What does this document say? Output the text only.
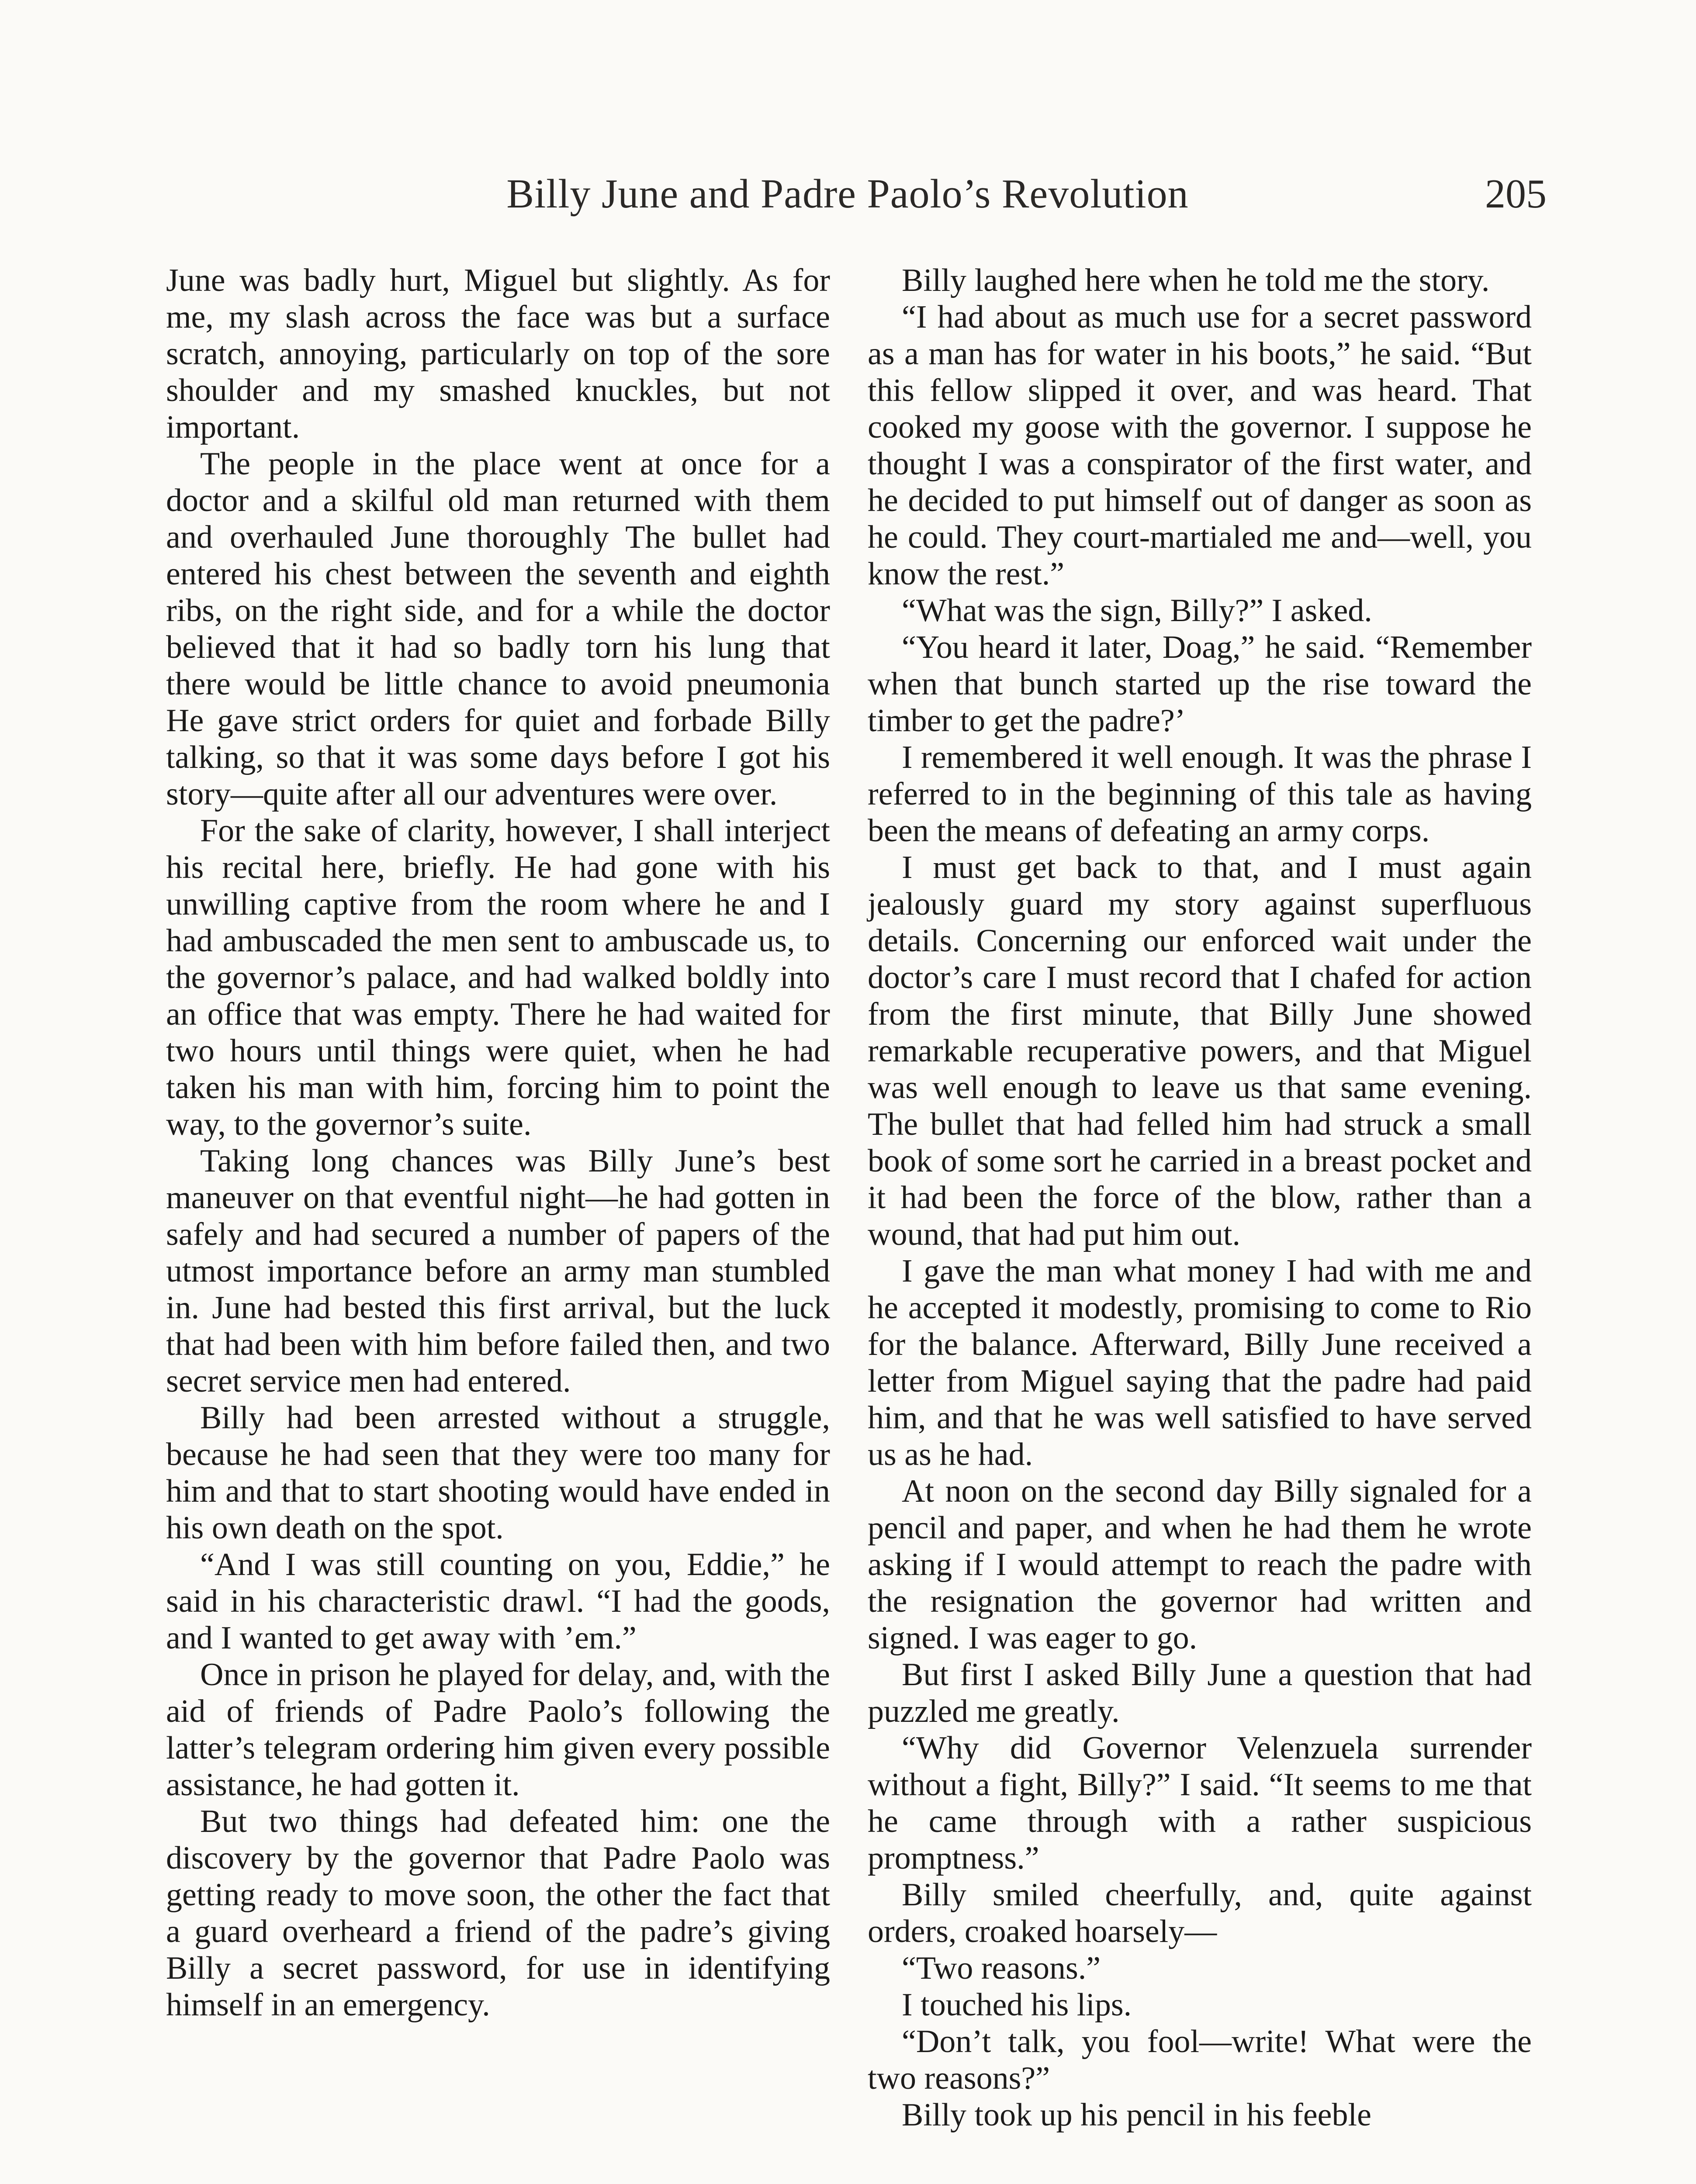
Billy June and Padre Paolo’s Revolution	205

June was badly hurt, Miguel but slightly. As for me, my slash across the face was but a surface scratch, annoying, particularly on top of the sore shoulder and my smashed knuckles, but not important.

The people in the place went at once for a doctor and a skilful old man returned with them and overhauled June thoroughly The bullet had entered his chest between the seventh and eighth ribs, on the right side, and for a while the doctor believed that it had so badly torn his lung that there would be little chance to avoid pneumonia He gave strict orders for quiet and forbade Billy talking, so that it was some days before I got his story—quite after all our adventures were over.

For the sake of clarity, however, I shall interject his recital here, briefly. He had gone with his unwilling captive from the room where he and I had ambuscaded the men sent to ambuscade us, to the governor’s palace, and had walked boldly into an office that was empty. There he had waited for two hours until things were quiet, when he had taken his man with him, forcing him to point the way, to the governor’s suite.

Taking long chances was Billy June’s best maneuver on that eventful night—he had gotten in safely and had secured a number of papers of the utmost importance before an army man stumbled in. June had bested this first arrival, but the luck that had been with him before failed then, and two secret service men had entered.

Billy had been arrested without a struggle, because he had seen that they were too many for him and that to start shooting would have ended in his own death on the spot.

“And I was still counting on you, Eddie,” he said in his characteristic drawl. “I had the goods, and I wanted to get away with ’em.”

Once in prison he played for delay, and, with the aid of friends of Padre Paolo’s following the latter’s telegram ordering him given every possible assistance, he had gotten it.

But two things had defeated him: one the discovery by the governor that Padre Paolo was getting ready to move soon, the other the fact that a guard overheard a friend of the padre’s giving Billy a secret password, for use in identifying himself in an emergency.

Billy laughed here when he told me the story.

“I had about as much use for a secret password as a man has for water in his boots,” he said. “But this fellow slipped it over, and was heard. That cooked my goose with the governor. I suppose he thought I was a conspirator of the first water, and he decided to put himself out of danger as soon as he could. They court-martialed me and—well, you know the rest.”

“What was the sign, Billy?” I asked.

“You heard it later, Doag,” he said. “Remember when that bunch started up the rise toward the timber to get the padre?’

I remembered it well enough. It was the phrase I referred to in the beginning of this tale as having been the means of defeating an army corps.

I must get back to that, and I must again jealously guard my story against superfluous details. Concerning our enforced wait under the doctor’s care I must record that I chafed for action from the first minute, that Billy June showed remarkable recuperative powers, and that Miguel was well enough to leave us that same evening. The bullet that had felled him had struck a small book of some sort he carried in a breast pocket and it had been the force of the blow, rather than a wound, that had put him out.

I gave the man what money I had with me and he accepted it modestly, promising to come to Rio for the balance. Afterward, Billy June received a letter from Miguel saying that the padre had paid him, and that he was well satisfied to have served us as he had.

At noon on the second day Billy signaled for a pencil and paper, and when he had them he wrote asking if I would attempt to reach the padre with the resignation the governor had written and signed. I was eager to go.

But first I asked Billy June a question that had puzzled me greatly.

“Why did Governor Velenzuela surrender without a fight, Billy?” I said. “It seems to me that he came through with a rather suspicious promptness.”

Billy smiled cheerfully, and, quite against orders, croaked hoarsely—

“Two reasons.”

I touched his lips.

“Don’t talk, you fool—write! What were the two reasons?”

Billy took up his pencil in his feeble
